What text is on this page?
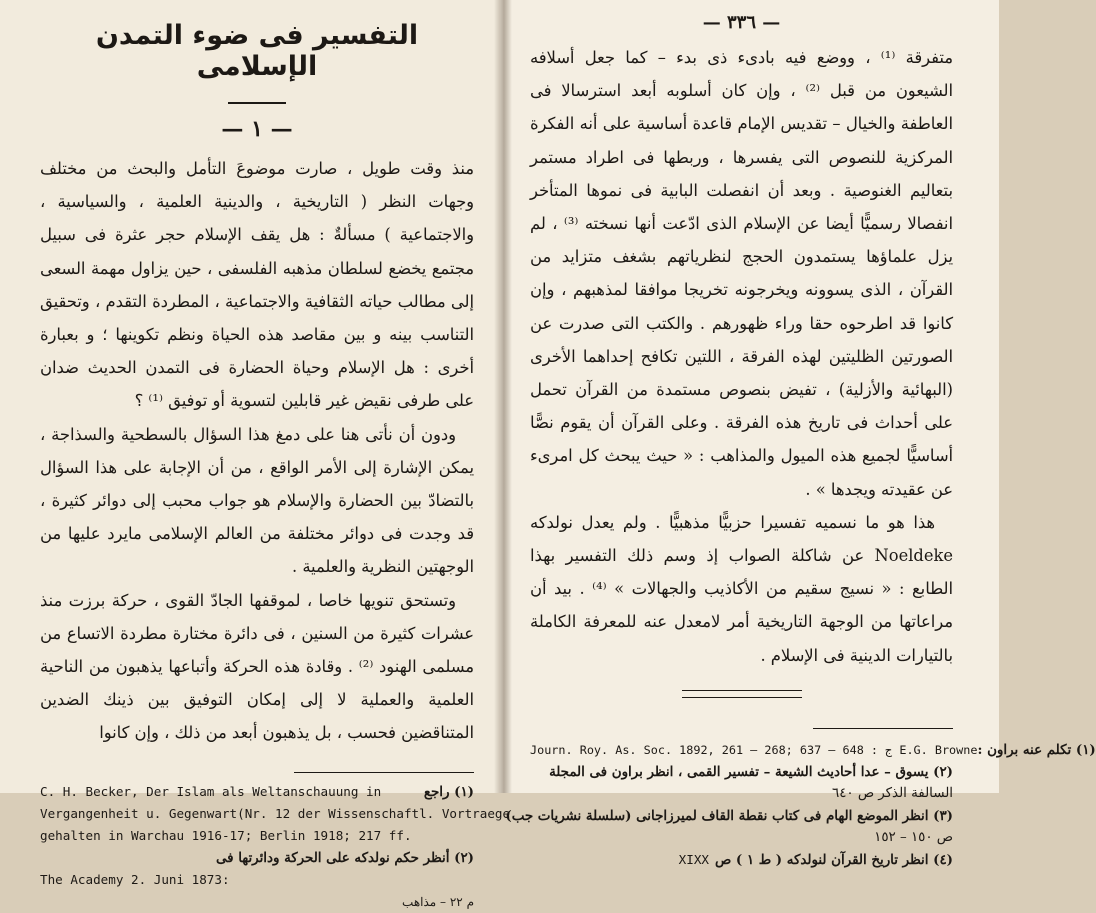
التفسير فى ضوء التمدن الإسلامى
— ١ —

منذ وقت طويل ، صارت موضوعَ التأمل والبحث من مختلف وجهات النظر ( التاريخية ، والدينية العلمية ، والسياسية ، والاجتماعية ) مسألةٌ : هل يقف الإسلام حجر عثرة فى سبيل مجتمع يخضع لسلطان مذهبه الفلسفى ، حين يزاول مهمة السعى إلى مطالب حياته الثقافية والاجتماعية ، المطردة التقدم ، وتحقيق التناسب بينه و بين مقاصد هذه الحياة ونظم تكوينها ؛ و بعبارة أخرى : هل الإسلام وحياة الحضارة فى التمدن الحديث ضدان على طرفى نقيض غير قابلين لتسوية أو توفيق ⁽¹⁾ ؟

ودون أن نأتى هنا على دمغ هذا السؤال بالسطحية والسذاجة ، يمكن الإشارة إلى الأمر الواقع ، من أن الإجابة على هذا السؤال بالتضادّ بين الحضارة والإسلام هو جواب محبب إلى دوائر كثيرة ، قد وجدت فى دوائر مختلفة من العالم الإسلامى مايرد عليها من الوجهتين النظرية والعلمية .

وتستحق تنويها خاصا ، لموقفها الجادّ القوى ، حركة برزت منذ عشرات كثيرة من السنين ، فى دائرة مختارة مطردة الاتساع من مسلمى الهنود ⁽²⁾ . وقادة هذه الحركة وأتباعها يذهبون من الناحية العلمية والعملية لا إلى إمكان التوفيق بين ذينك الضدين المتناقضين فحسب ، بل يذهبون أبعد من ذلك ، وإن كانوا

C. H. Becker, Der Islam als Weltanschauung in	(١) راجع
Vergangenheit u. Gegenwart(Nr. 12 der Wissenschaftl. Vortraege
gehalten in Warchau 1916-17; Berlin 1918; 217 ff.
(٢) أنظر حكم نولدكه على الحركة ودائرتها فى
The Academy 2. Juni 1873:
م ٢٢ – مذاهب
— ٣٣٦ —

متفرقة ⁽¹⁾ ، ووضع فيه بادىء ذى بدء – كما جعل أسلافه الشيعون من قبل ⁽²⁾ ، وإن كان أسلوبه أبعد استرسالا فى العاطفة والخيال – تقديس الإمام قاعدة أساسية على أنه الفكرة المركزية للنصوص التى يفسرها ، وربطها فى اطراد مستمر بتعاليم الغنوصية . وبعد أن انفصلت البابية فى نموها المتأخر انفصالا رسميًّا أيضا عن الإسلام الذى ادّعت أنها نسخته ⁽³⁾ ، لم يزل علماؤها يستمدون الحجج لنظرياتهم بشغف متزايد من القرآن ، الذى يسوونه ويخرجونه تخريجا موافقا لمذهبهم ، وإن كانوا قد اطرحوه حقا وراء ظهورهم . والكتب التى صدرت عن الصورتين الظليتين لهذه الفرقة ، اللتين تكافح إحداهما الأخرى (البهائية والأزلية) ، تفيض بنصوص مستمدة من القرآن تحمل على أحداث فى تاريخ هذه الفرقة . وعلى القرآن أن يقوم نصًّا أساسيًّا لجميع هذه الميول والمذاهب : « حيث يبحث كل امرىء عن عقيدته ويجدها » .

هذا هو ما نسميه تفسيرا حزبيًّا مذهبيًّا . ولم يعدل نولدكه Noeldeke عن شاكلة الصواب إذ وسم ذلك التفسير بهذا الطابع : « نسيج سقيم من الأكاذيب والجهالات » ⁽⁴⁾ . بيد أن مراعاتها من الوجهة التاريخية أمر لامعدل عنه للمعرفة الكاملة بالتيارات الدينية فى الإسلام .

Journ. Roy. As. Soc. 1892, 261 — 268; 637 — 648 : ج E.G. Browne (١) تكلم عنه براون :
(٢) يسوق – عدا أحاديث الشيعة – تفسير القمى ، انظر براون فى المجلة
السالفة الذكر ص ٦٤٠
(٣) انظر الموضع الهام فى كتاب نقطة القاف لميرزاجانى (سلسلة نشريات جب)
ص ١٥٠ – ١٥٢
XIXX (٤) انظر تاريخ القرآن لنولدكه ( ط ١ ) ص
